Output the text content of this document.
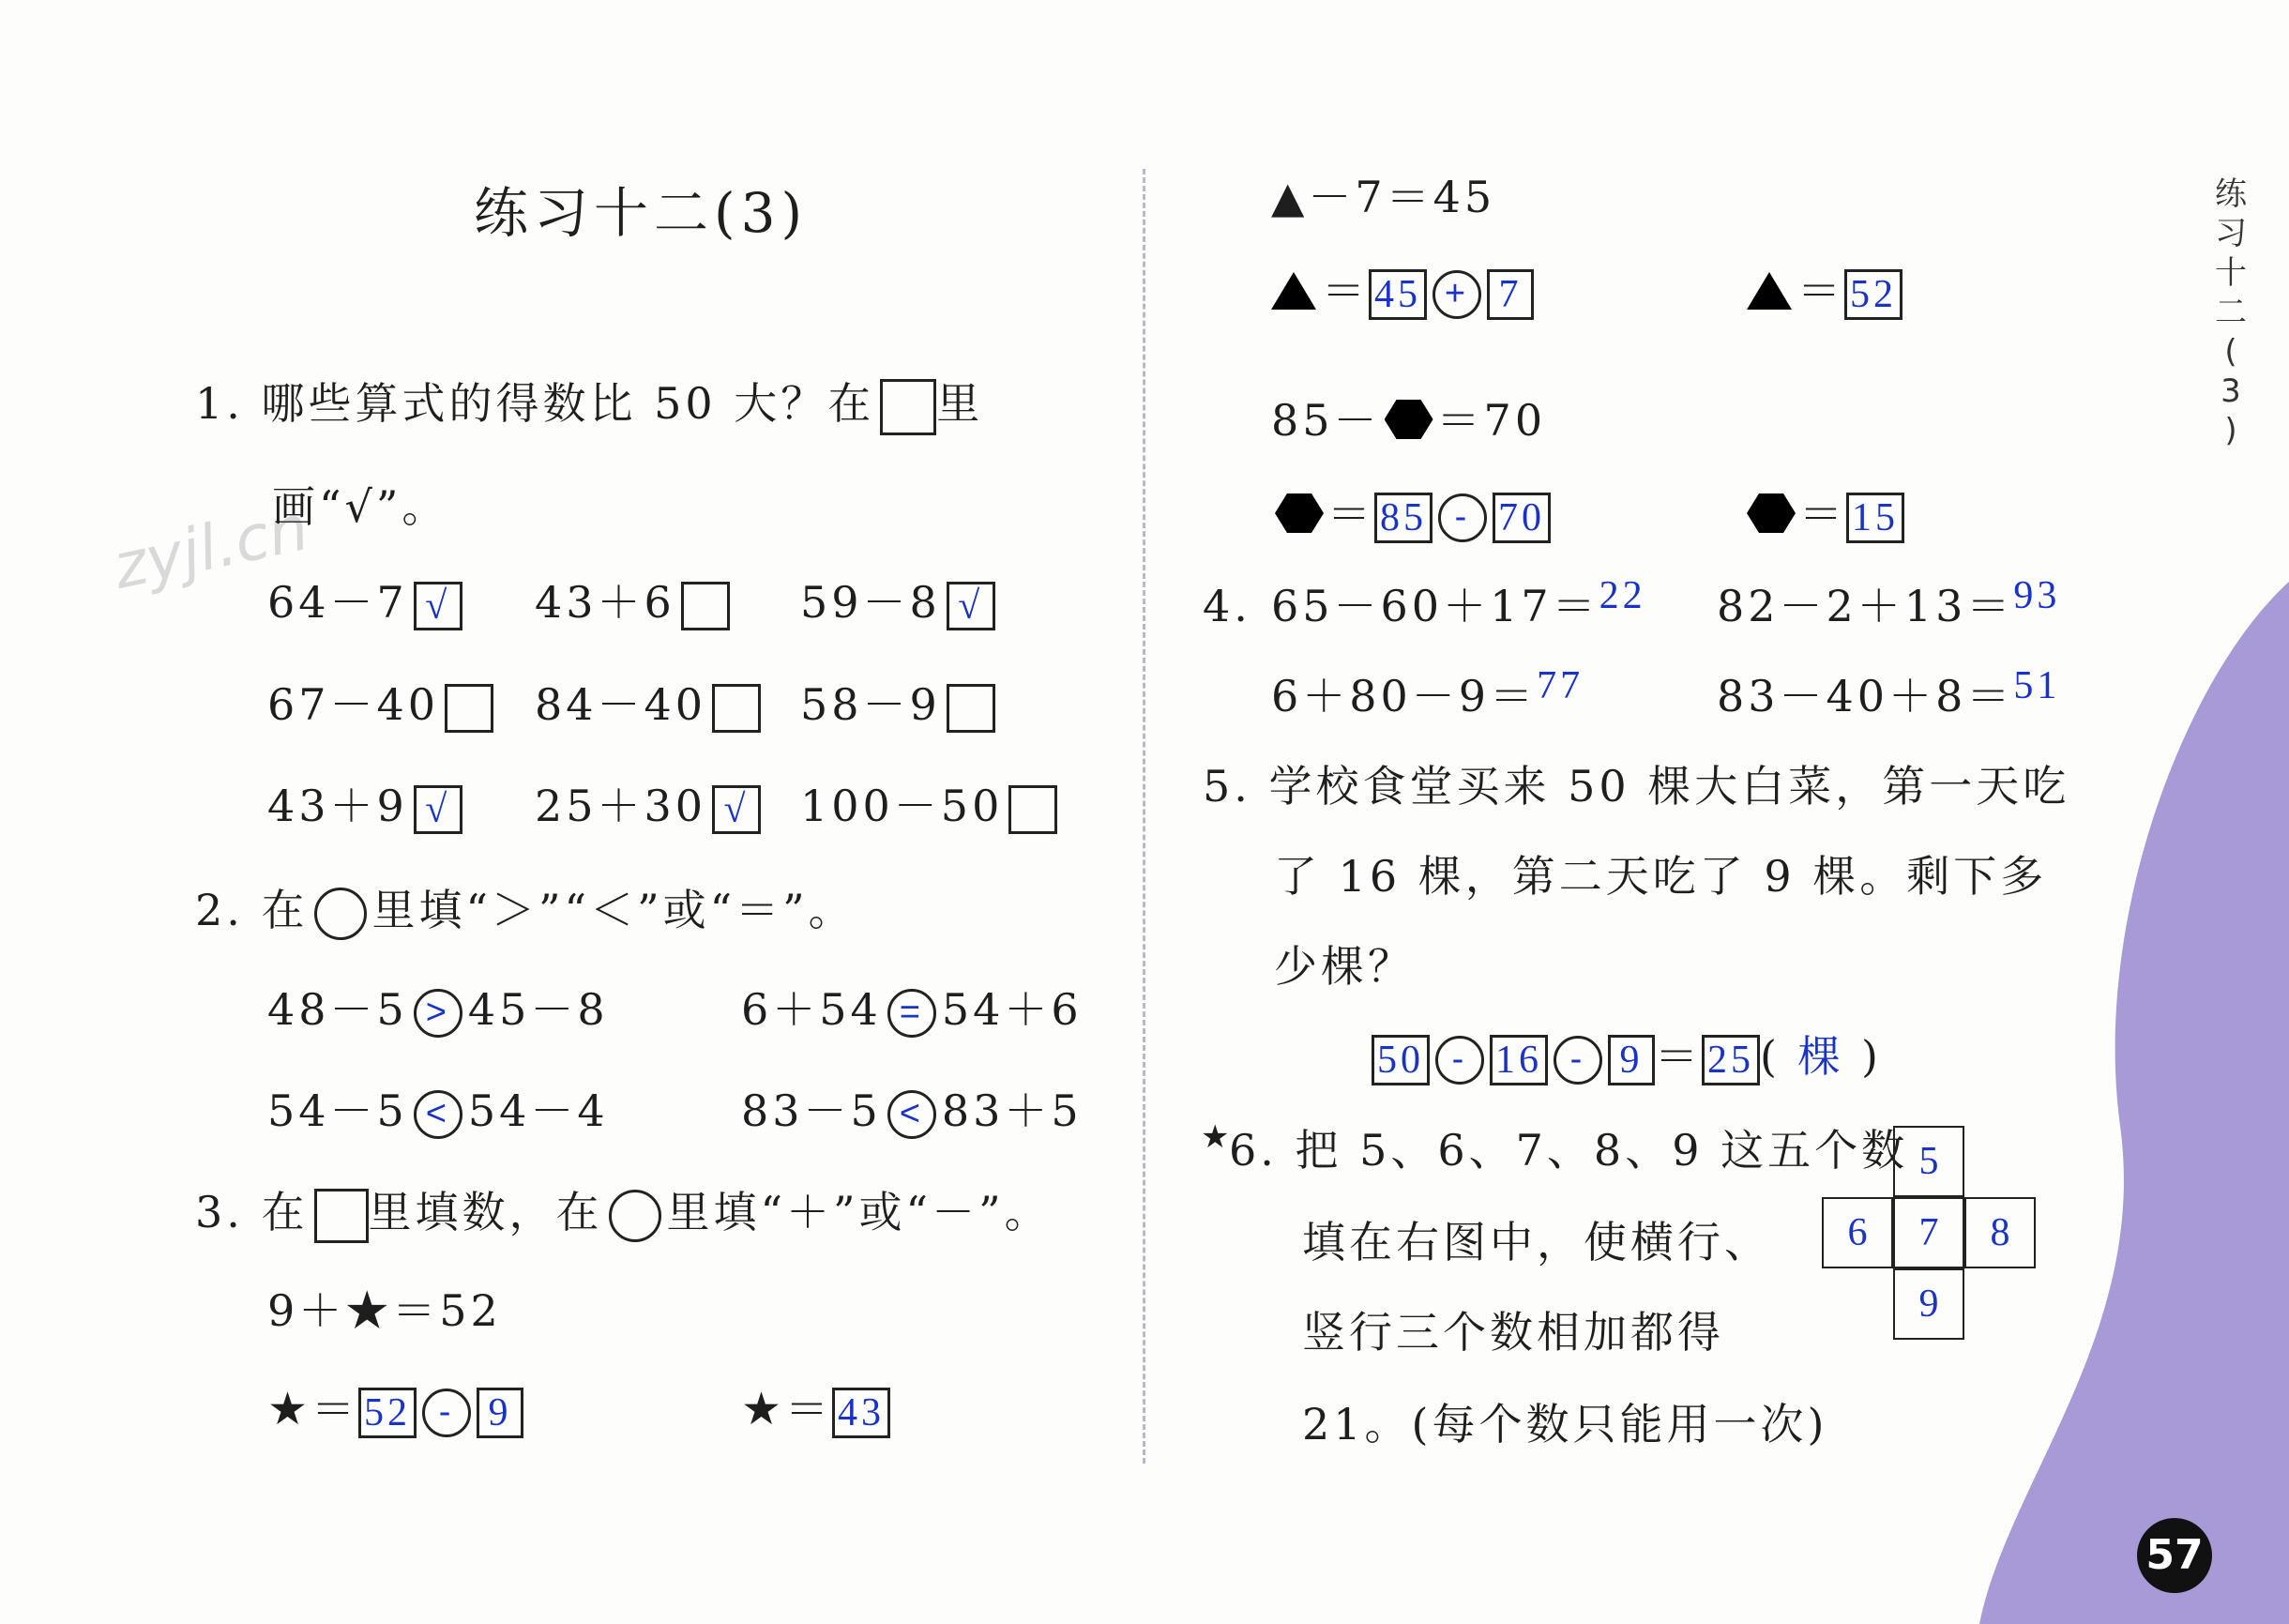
zyjl.cn
练
习
十
二
(
3
)
57
练习十二(3)
1. 哪些算式的得数比 50 大？在 里
画“√”。
64－7 √ 43＋6	59－8 √
67－40	84－40	58－9
43＋9 √ 25＋30 √ 100－50
2. 在 里填“＞”“＜”或“＝”。
48－5 > 45－8	6＋54 = 54＋6
54－5 < 54－4	83－5 < 83＋5
3. 在 里填数，在 里填“＋”或“－”。
9＋★＝52
★＝ 52 - 9	★＝ 43
▲－7＝45
＝ 45 + 7	＝ 52
85－ ＝70
＝ 85 - 70	＝ 15
4. 65－60＋17＝22 82－2＋13＝93
6＋80－9＝77	83－40＋8＝51
5. 学校食堂买来 50 棵大白菜，第一天吃
了 16 棵，第二天吃了 9 棵。剩下多
少棵？
50 - 16 - 9 ＝ 25 ( 棵 )
★ 6. 把 5、6、7、8、9 这五个数
填在右图中，使横行、
竖行三个数相加都得
21。(每个数只能用一次)
5
6	7	8
9
